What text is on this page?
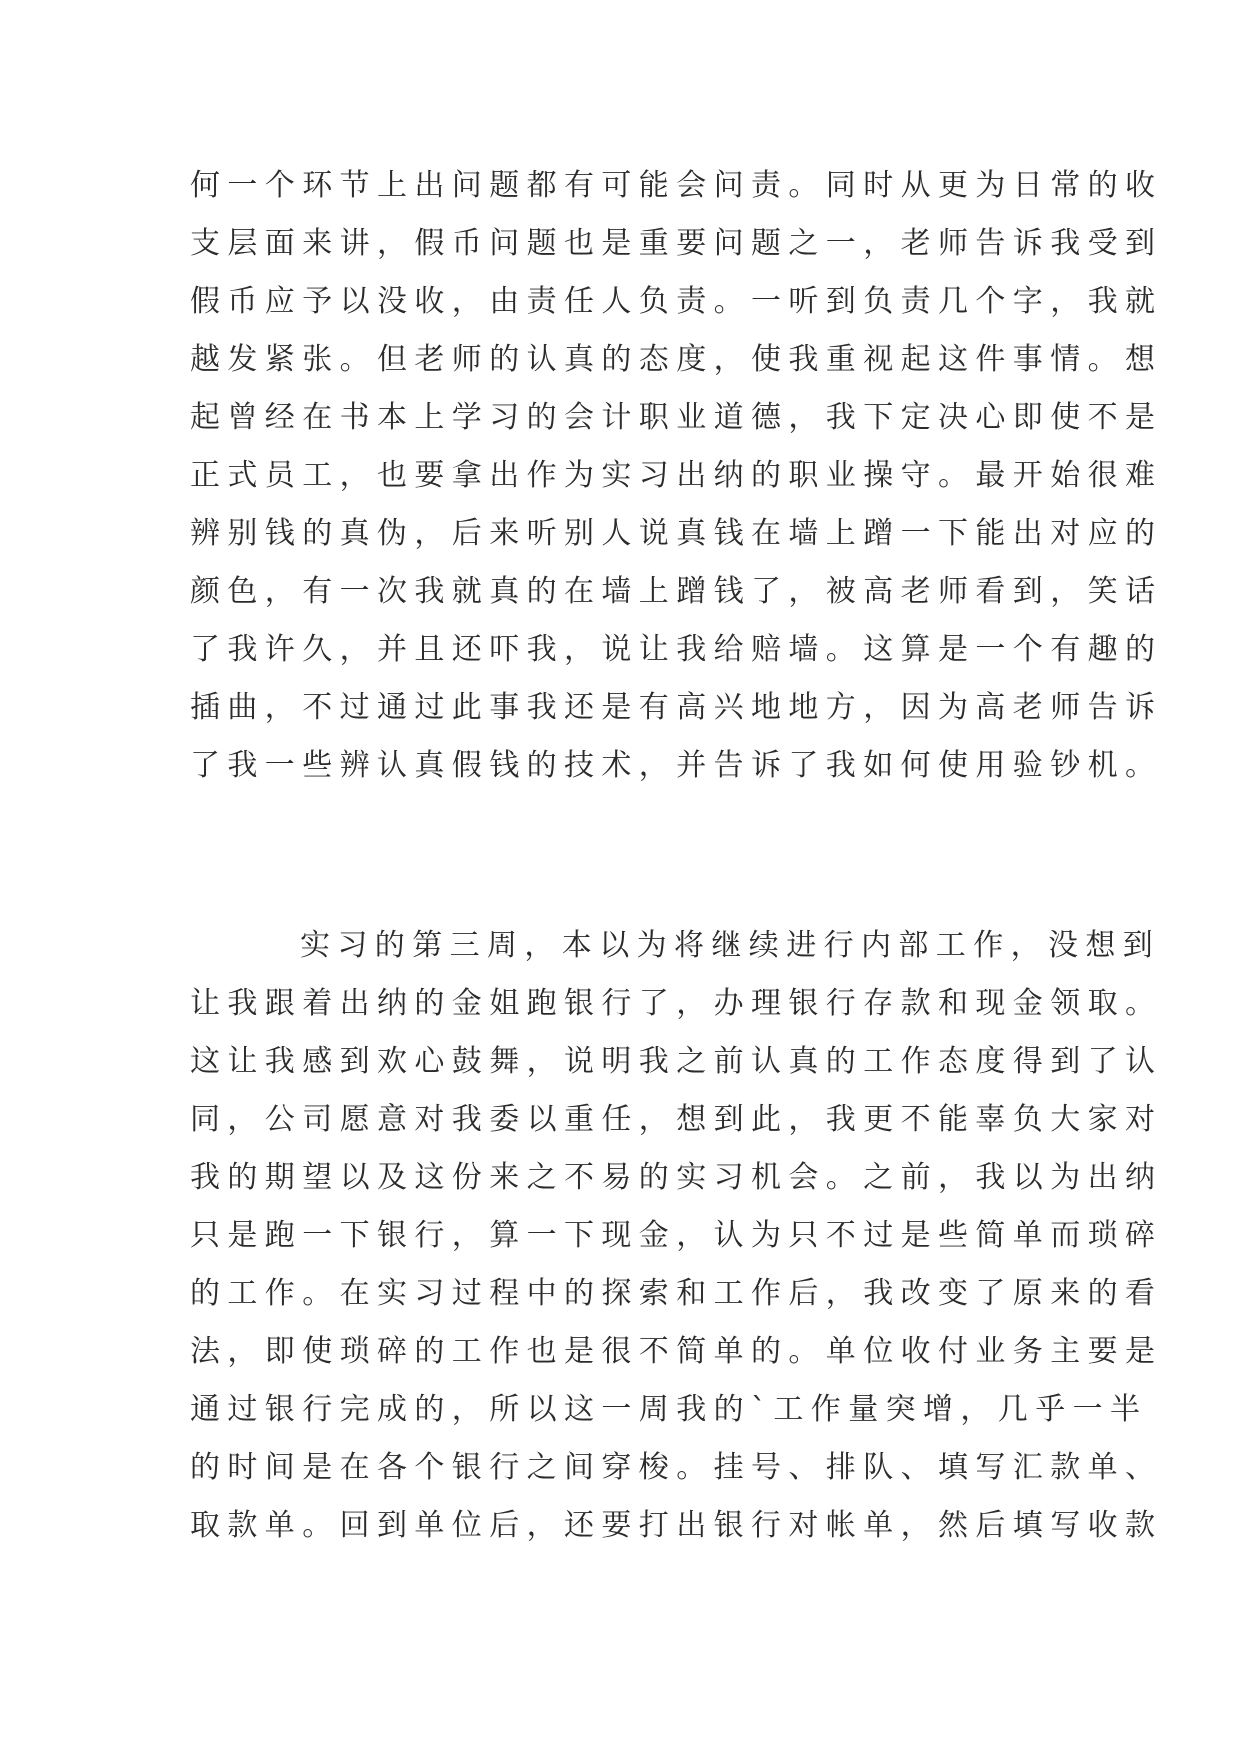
何一个环节上出问题都有可能会问责。同时从更为日常的收
支层面来讲，假币问题也是重要问题之一，老师告诉我受到
假币应予以没收，由责任人负责。一听到负责几个字，我就
越发紧张。但老师的认真的态度，使我重视起这件事情。想
起曾经在书本上学习的会计职业道德，我下定决心即使不是
正式员工，也要拿出作为实习出纳的职业操守。最开始很难
辨别钱的真伪，后来听别人说真钱在墙上蹭一下能出对应的
颜色，有一次我就真的在墙上蹭钱了，被高老师看到，笑话
了我许久，并且还吓我，说让我给赔墙。这算是一个有趣的
插曲，不过通过此事我还是有高兴地地方，因为高老师告诉
了我一些辨认真假钱的技术，并告诉了我如何使用验钞机。
实习的第三周，本以为将继续进行内部工作，没想到
让我跟着出纳的金姐跑银行了，办理银行存款和现金领取。
这让我感到欢心鼓舞，说明我之前认真的工作态度得到了认
同，公司愿意对我委以重任，想到此，我更不能辜负大家对
我的期望以及这份来之不易的实习机会。之前，我以为出纳
只是跑一下银行，算一下现金，认为只不过是些简单而琐碎
的工作。在实习过程中的探索和工作后，我改变了原来的看
法，即使琐碎的工作也是很不简单的。单位收付业务主要是
通过银行完成的，所以这一周我的`工作量突增，几乎一半
的时间是在各个银行之间穿梭。挂号、排队、填写汇款单、
取款单。回到单位后，还要打出银行对帐单，然后填写收款
